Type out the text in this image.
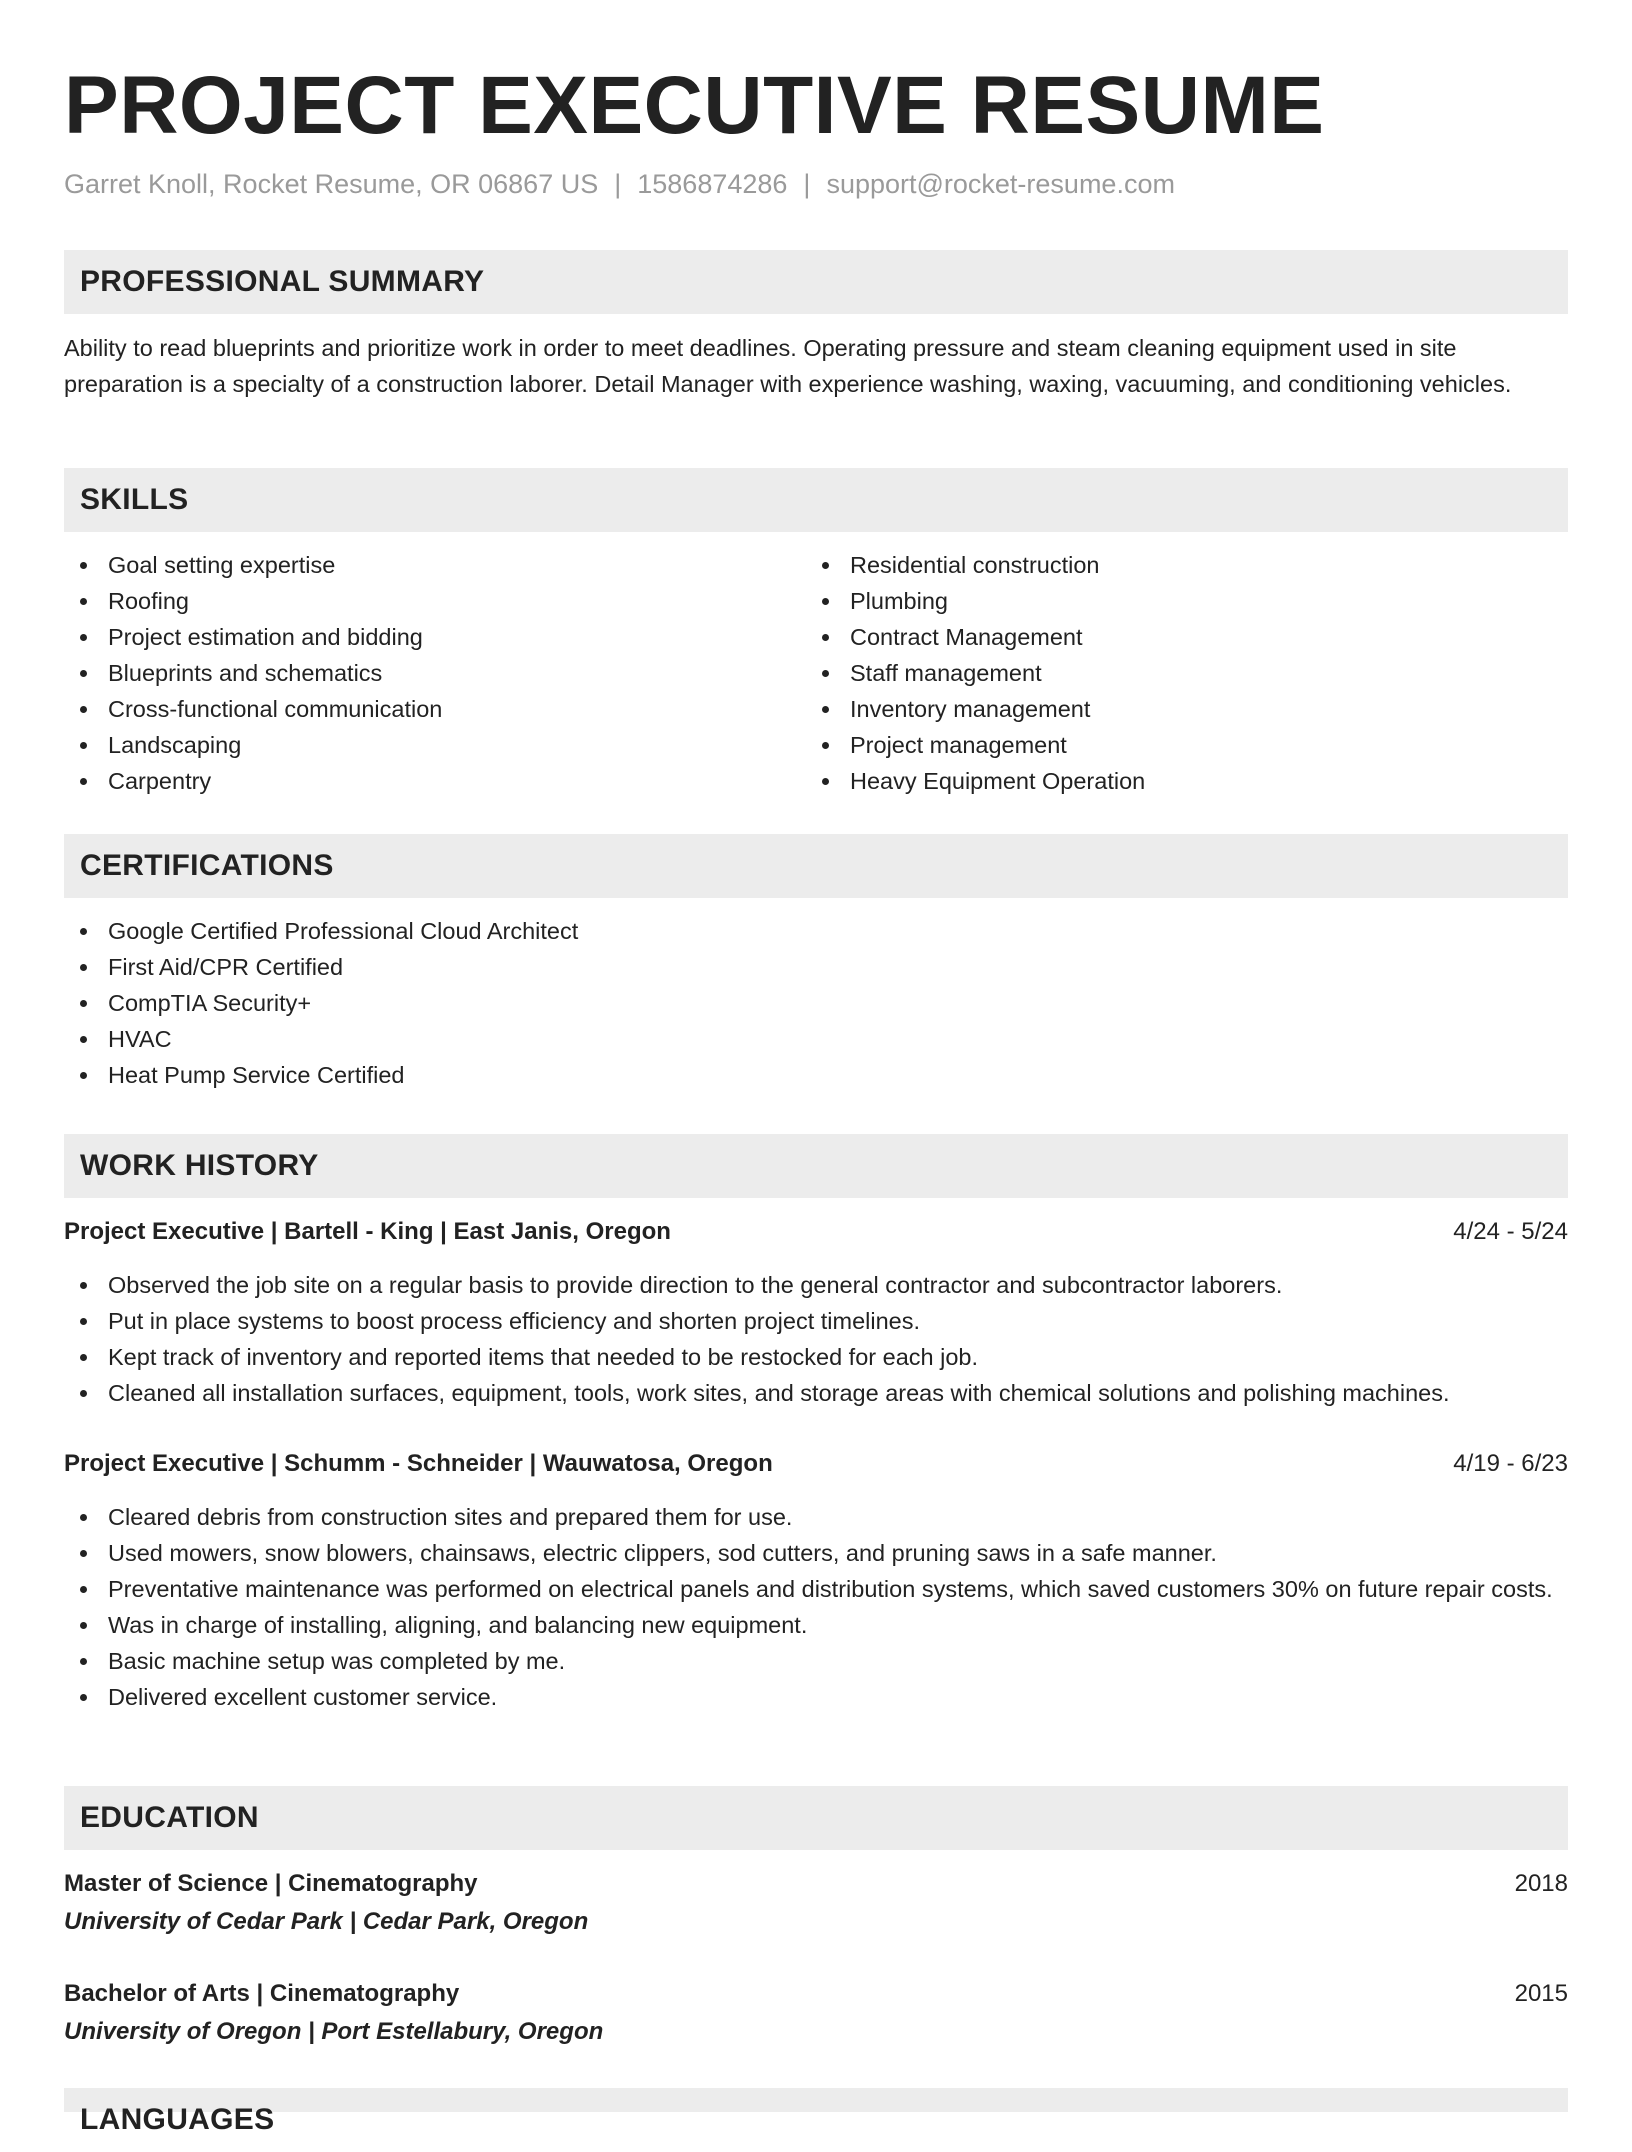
PROJECT EXECUTIVE RESUME
Garret Knoll, Rocket Resume, OR 06867 US | 1586874286 | support@rocket-resume.com
PROFESSIONAL SUMMARY

Ability to read blueprints and prioritize work in order to meet deadlines. Operating pressure and steam cleaning equipment used in site preparation is a specialty of a construction laborer. Detail Manager with experience washing, waxing, vacuuming, and conditioning vehicles.

SKILLS
Goal setting expertise
Roofing
Project estimation and bidding
Blueprints and schematics
Cross-functional communication
Landscaping
Carpentry
Residential construction
Plumbing
Contract Management
Staff management
Inventory management
Project management
Heavy Equipment Operation
CERTIFICATIONS
Google Certified Professional Cloud Architect
First Aid/CPR Certified
CompTIA Security+
HVAC
Heat Pump Service Certified
WORK HISTORY
Project Executive | Bartell - King | East Janis, Oregon	4/24 - 5/24
Observed the job site on a regular basis to provide direction to the general contractor and subcontractor laborers.
Put in place systems to boost process efficiency and shorten project timelines.
Kept track of inventory and reported items that needed to be restocked for each job.
Cleaned all installation surfaces, equipment, tools, work sites, and storage areas with chemical solutions and polishing machines.
Project Executive | Schumm - Schneider | Wauwatosa, Oregon	4/19 - 6/23
Cleared debris from construction sites and prepared them for use.
Used mowers, snow blowers, chainsaws, electric clippers, sod cutters, and pruning saws in a safe manner.
Preventative maintenance was performed on electrical panels and distribution systems, which saved customers 30% on future repair costs.
Was in charge of installing, aligning, and balancing new equipment.
Basic machine setup was completed by me.
Delivered excellent customer service.
EDUCATION
Master of Science | Cinematography	2018
University of Cedar Park | Cedar Park, Oregon
Bachelor of Arts | Cinematography	2015
University of Oregon | Port Estellabury, Oregon
LANGUAGES
